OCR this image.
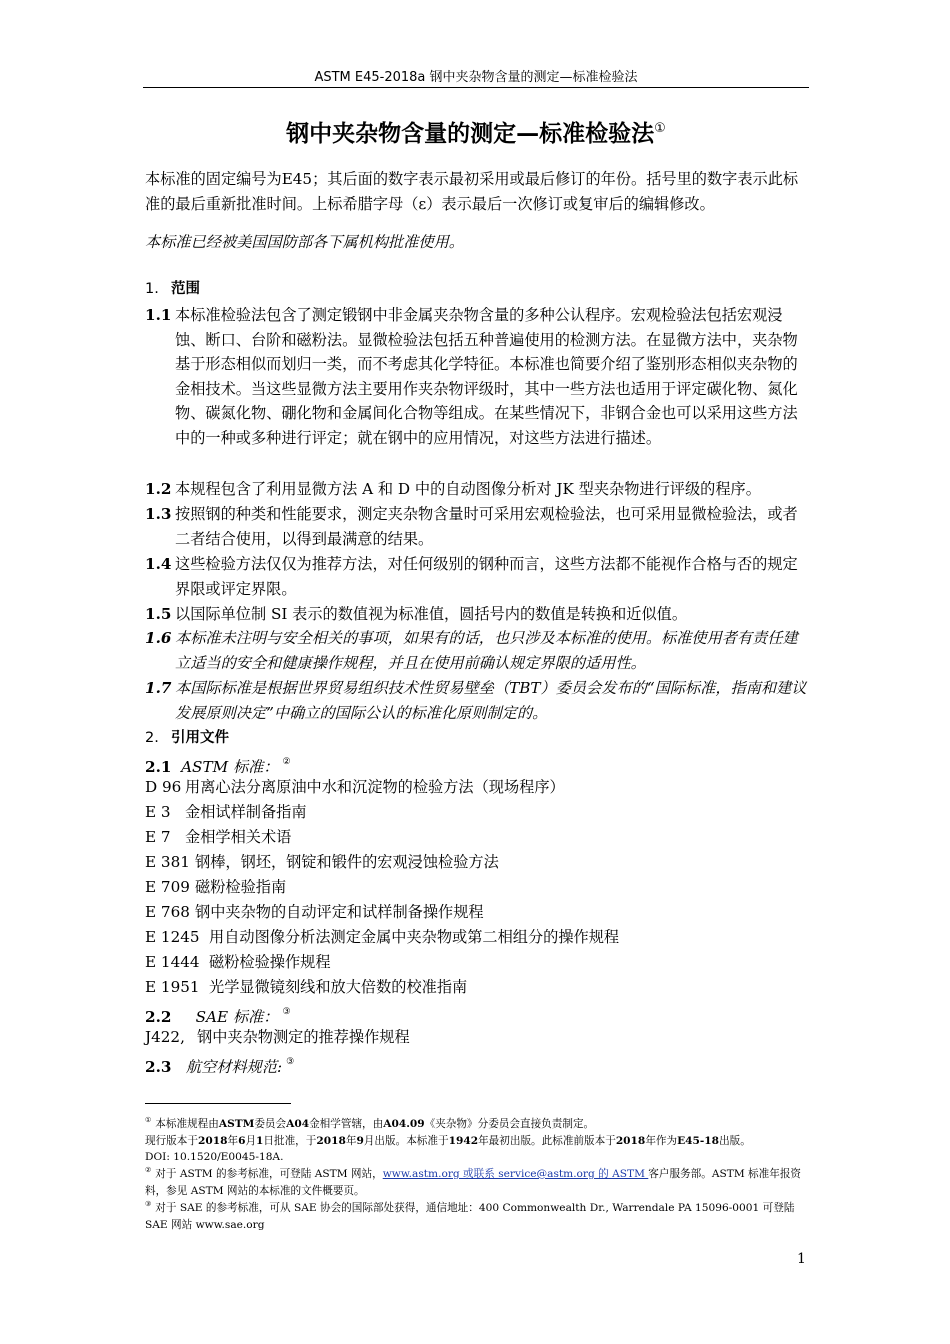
ASTM E45-2018a 钢中夹杂物含量的测定—标准检验法
钢中夹杂物含量的测定—标准检验法①
本标准的固定编号为E45；其后面的数字表示最初采用或最后修订的年份。括号里的数字表示此标准的最后重新批准时间。上标希腊字母（ε）表示最后一次修订或复审后的编辑修改。
本标准已经被美国国防部各下属机构批准使用。
1. 范围
1.1 本标准检验法包含了测定锻钢中非金属夹杂物含量的多种公认程序。宏观检验法包括宏观浸蚀、断口、台阶和磁粉法。显微检验法包括五种普遍使用的检测方法。在显微方法中，夹杂物基于形态相似而划归一类，而不考虑其化学特征。本标准也简要介绍了鉴别形态相似夹杂物的金相技术。当这些显微方法主要用作夹杂物评级时，其中一些方法也适用于评定碳化物、氮化物、碳氮化物、硼化物和金属间化合物等组成。在某些情况下，非钢合金也可以采用这些方法中的一种或多种进行评定；就在钢中的应用情况，对这些方法进行描述。
1.2 本规程包含了利用显微方法 A 和 D 中的自动图像分析对 JK 型夹杂物进行评级的程序。
1.3 按照钢的种类和性能要求，测定夹杂物含量时可采用宏观检验法，也可采用显微检验法，或者二者结合使用，以得到最满意的结果。
1.4 这些检验方法仅仅为推荐方法，对任何级别的钢种而言，这些方法都不能视作合格与否的规定界限或评定界限。
1.5 以国际单位制 SI 表示的数值视为标准值，圆括号内的数值是转换和近似值。
1.6 本标准未注明与安全相关的事项，如果有的话，也只涉及本标准的使用。标准使用者有责任建立适当的安全和健康操作规程，并且在使用前确认规定界限的适用性。
1.7 本国际标准是根据世界贸易组织技术性贸易壁垒（TBT）委员会发布的“国际标准，指南和建议发展原则决定”中确立的国际公认的标准化原则制定的。
2. 引用文件
2.1 ASTM 标准： ②
D 96 用离心法分离原油中水和沉淀物的检验方法（现场程序）
E 3 金相试样制备指南
E 7 金相学相关术语
E 381 钢棒，钢坯，钢锭和锻件的宏观浸蚀检验方法
E 709 磁粉检验指南
E 768 钢中夹杂物的自动评定和试样制备操作规程
E 1245 用自动图像分析法测定金属中夹杂物或第二相组分的操作规程
E 1444 磁粉检验操作规程
E 1951 光学显微镜刻线和放大倍数的校准指南
2.2 SAE 标准： ③
J422, 钢中夹杂物测定的推荐操作规程
2.3 航空材料规范: ③
① 本标准规程由ASTM委员会A04金相学管辖，由A04.09《夹杂物》分委员会直接负责制定。
现行版本于2018年6月1日批准，于2018年9月出版。本标准于1942年最初出版。此标准前版本于2018年作为E45-18出版。
DOI: 10.1520/E0045-18A.
② 对于 ASTM 的参考标准，可登陆 ASTM 网站，www.astm.org 或联系 service@astm.org 的 ASTM 客户服务部。ASTM 标准年报资料，参见 ASTM 网站的本标准的文件概要页。
③ 对于 SAE 的参考标准，可从 SAE 协会的国际部处获得，通信地址：400 Commonwealth Dr., Warrendale PA 15096-0001 可登陆 SAE 网站 www.sae.org
1
